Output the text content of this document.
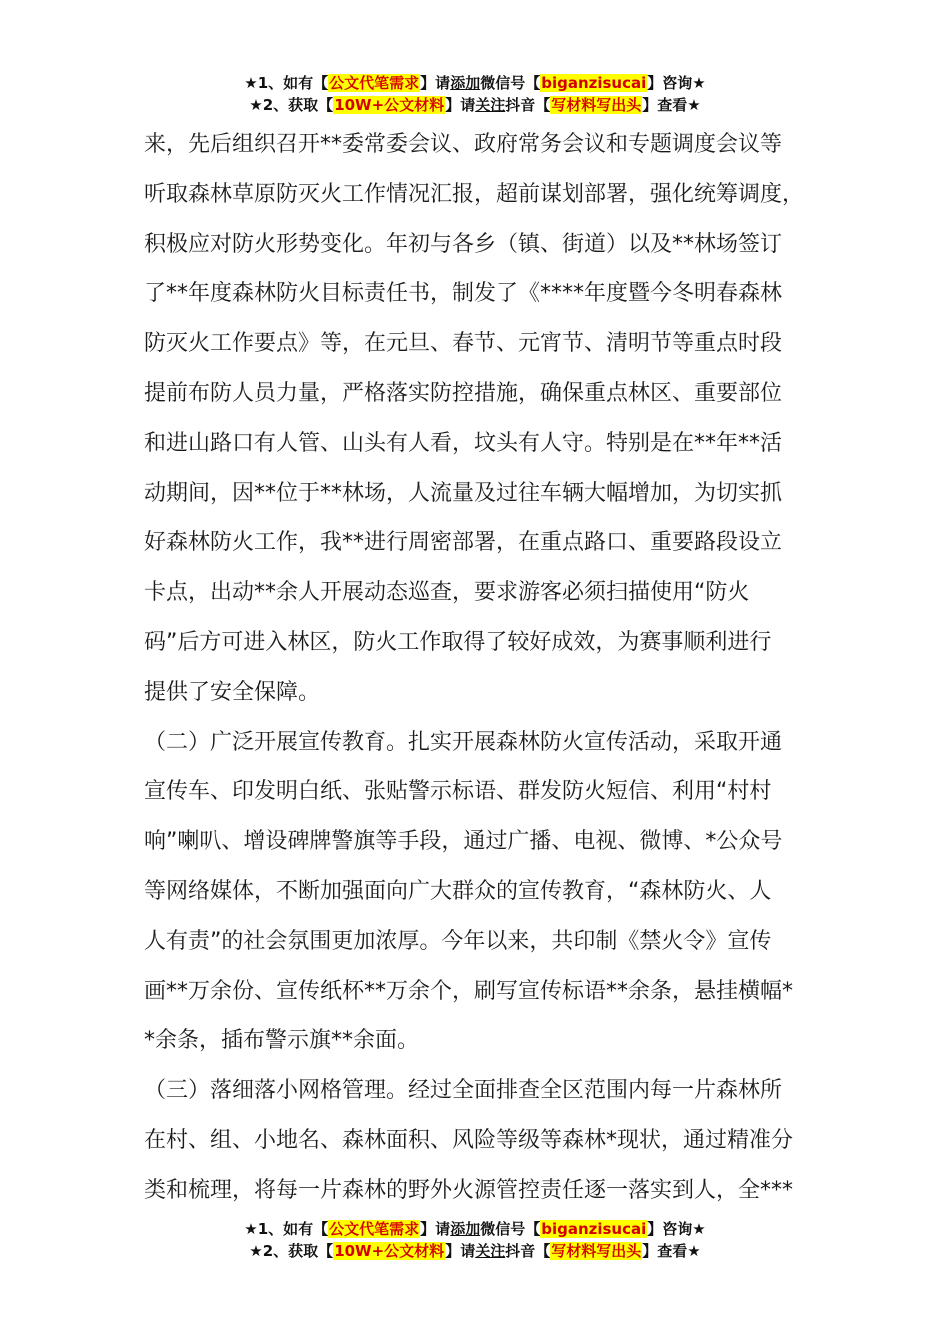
★1、如有【公文代笔需求】请添加微信号【biganzisucai】咨询★
★2、获取【10W+公文材料】请关注抖音【写材料写出头】查看★
来，先后组织召开**委常委会议、政府常务会议和专题调度会议等
听取森林草原防灭火工作情况汇报，超前谋划部署，强化统筹调度，
积极应对防火形势变化。年初与各乡（镇、街道）以及**林场签订
了**年度森林防火目标责任书，制发了《****年度暨今冬明春森林
防灭火工作要点》等，在元旦、春节、元宵节、清明节等重点时段
提前布防人员力量，严格落实防控措施，确保重点林区、重要部位
和进山路口有人管、山头有人看，坟头有人守。特别是在**年**活
动期间，因**位于**林场，人流量及过往车辆大幅增加，为切实抓
好森林防火工作，我**进行周密部署，在重点路口、重要路段设立
卡点，出动**余人开展动态巡查，要求游客必须扫描使用“防火
码”后方可进入林区，防火工作取得了较好成效，为赛事顺利进行
提供了安全保障。
（二）广泛开展宣传教育。扎实开展森林防火宣传活动，采取开通
宣传车、印发明白纸、张贴警示标语、群发防火短信、利用“村村
响”喇叭、增设碑牌警旗等手段，通过广播、电视、微博、*公众号
等网络媒体，不断加强面向广大群众的宣传教育，“森林防火、人
人有责”的社会氛围更加浓厚。今年以来，共印制《禁火令》宣传
画**万余份、宣传纸杯**万余个，刷写宣传标语**余条，悬挂横幅*
*余条，插布警示旗**余面。
（三）落细落小网格管理。经过全面排查全区范围内每一片森林所
在村、组、小地名、森林面积、风险等级等森林*现状，通过精准分
类和梳理，将每一片森林的野外火源管控责任逐一落实到人，全***
★1、如有【公文代笔需求】请添加微信号【biganzisucai】咨询★
★2、获取【10W+公文材料】请关注抖音【写材料写出头】查看★
